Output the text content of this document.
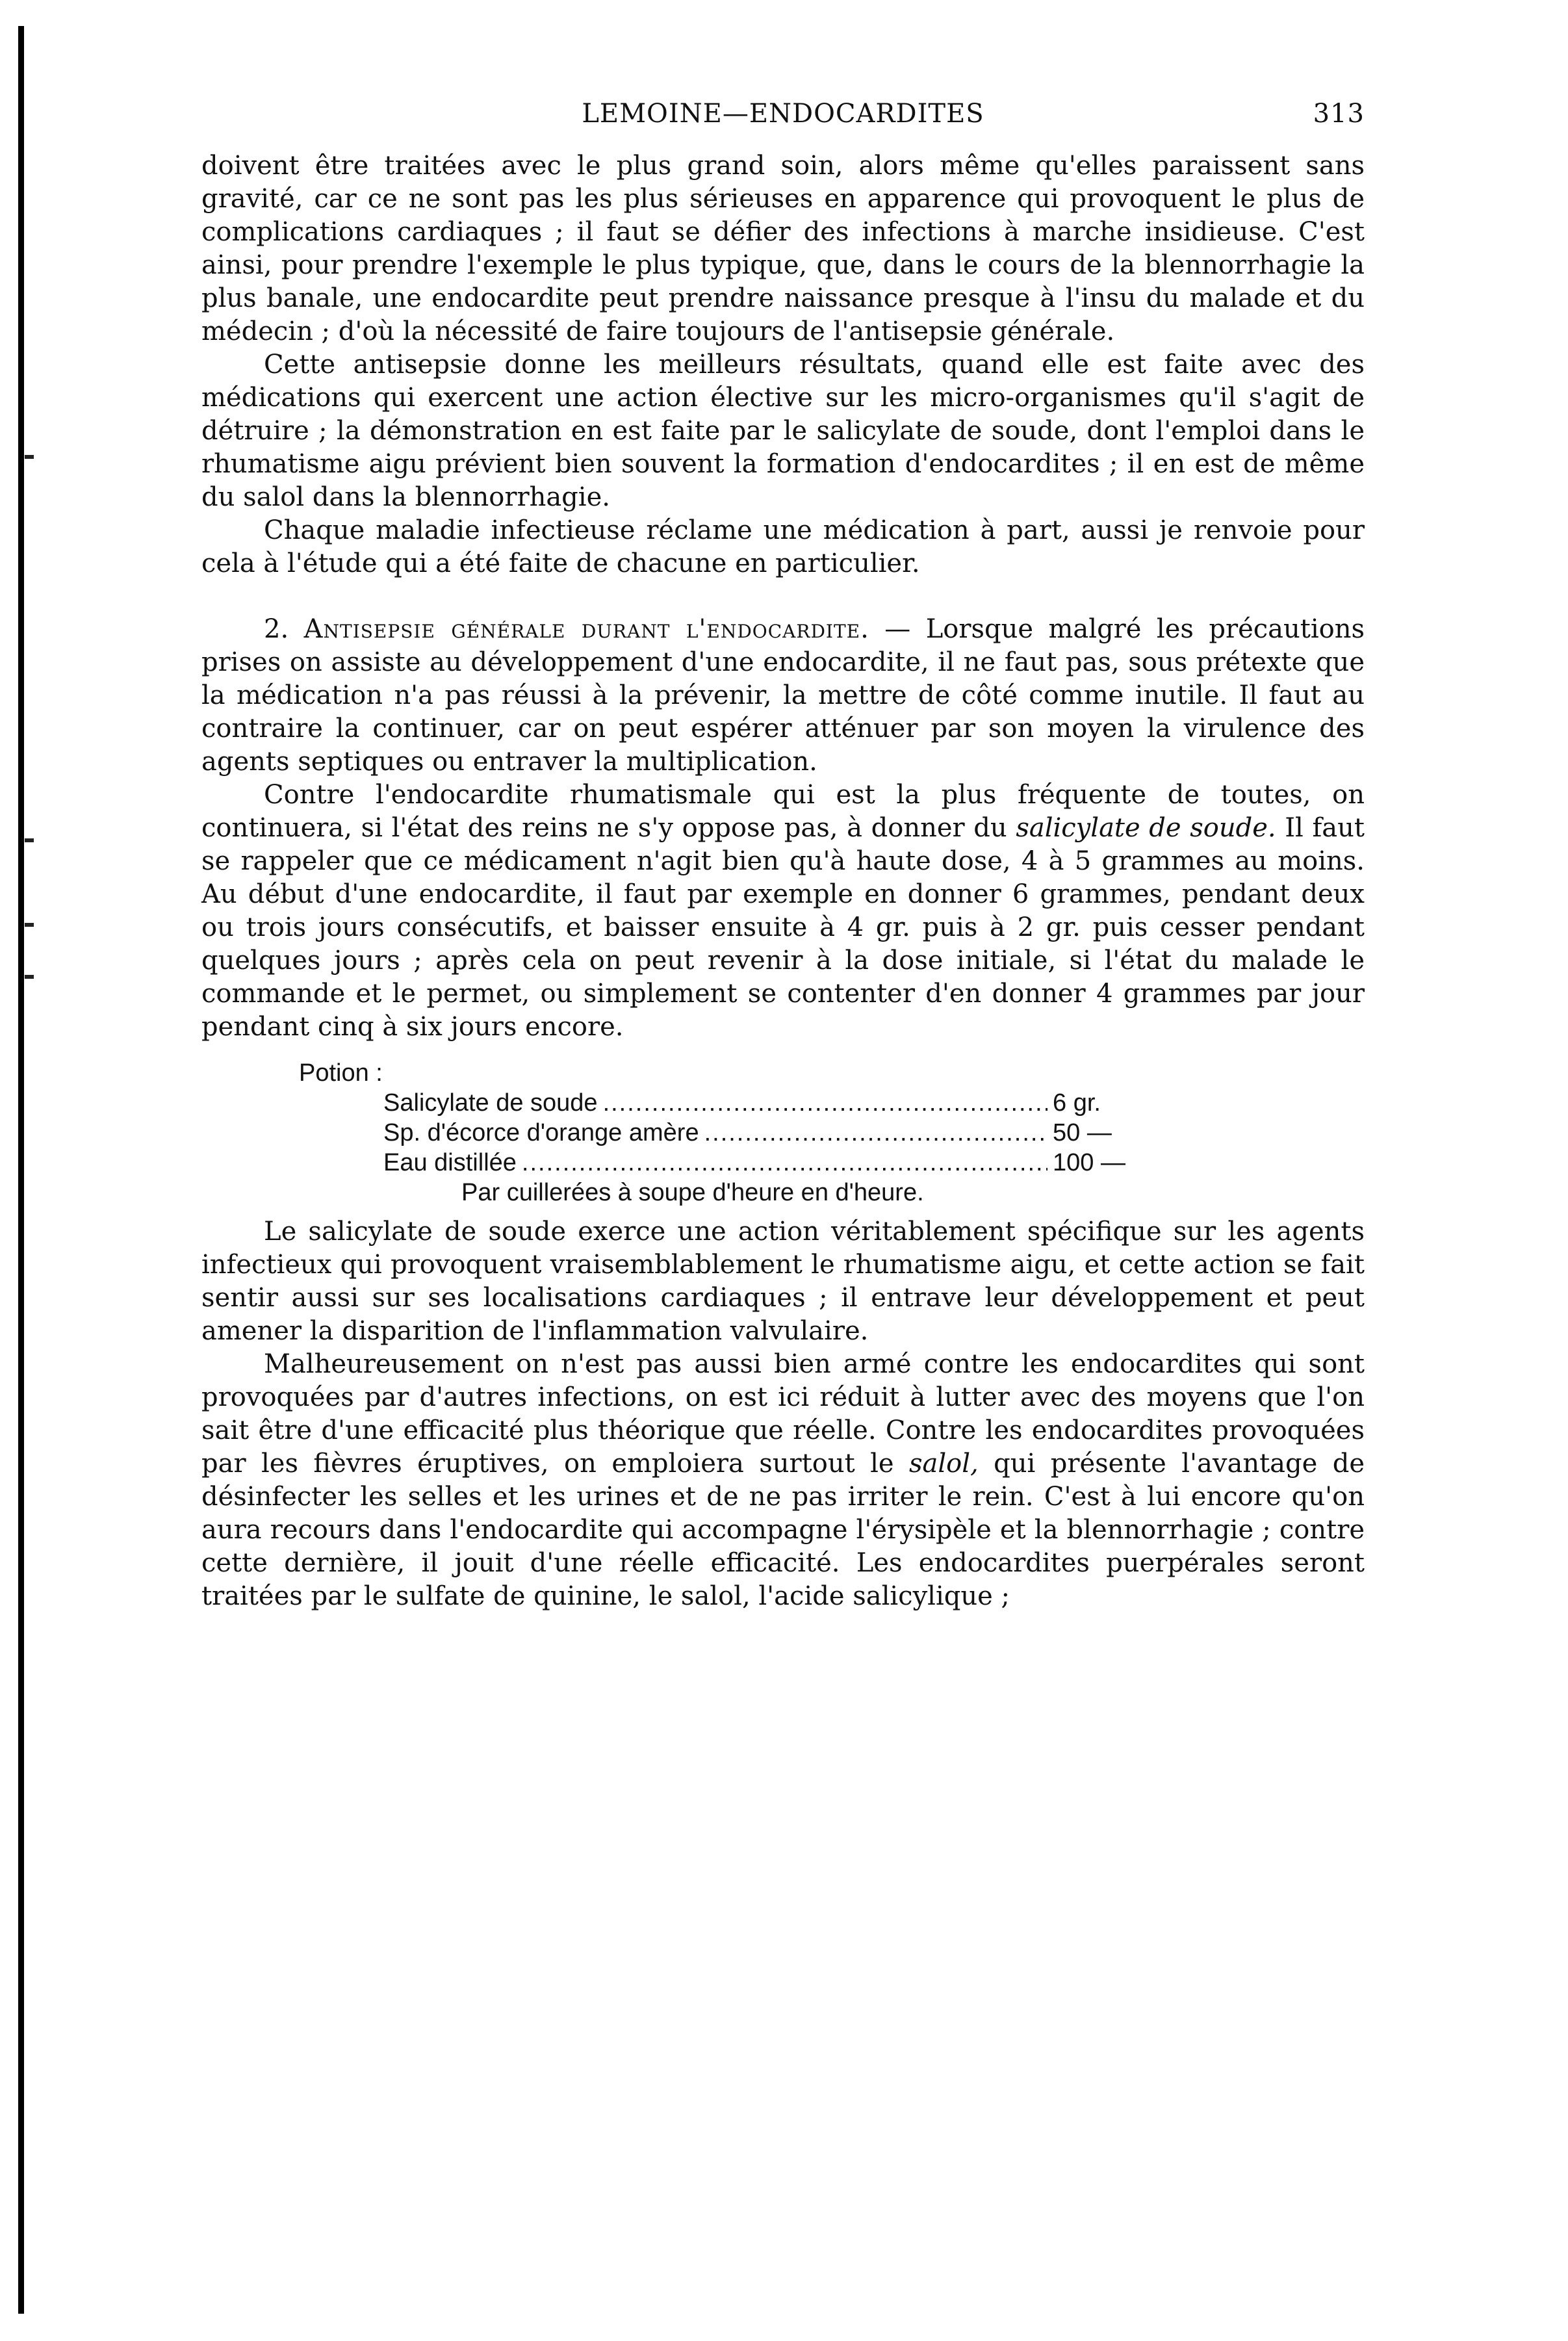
LEMOINE—ENDOCARDITES	313

doivent être traitées avec le plus grand soin, alors même qu'elles paraissent sans gravité, car ce ne sont pas les plus sérieuses en apparence qui provoquent le plus de complications cardiaques ; il faut se défier des infections à marche insidieuse. C'est ainsi, pour prendre l'exemple le plus typique, que, dans le cours de la blennorrhagie la plus banale, une endocardite peut prendre naissance presque à l'insu du malade et du médecin ; d'où la nécessité de faire toujours de l'antisepsie générale.

Cette antisepsie donne les meilleurs résultats, quand elle est faite avec des médications qui exercent une action élective sur les micro-organismes qu'il s'agit de détruire ; la démonstration en est faite par le salicylate de soude, dont l'emploi dans le rhumatisme aigu prévient bien souvent la formation d'endocardites ; il en est de même du salol dans la blennorrhagie.

Chaque maladie infectieuse réclame une médication à part, aussi je renvoie pour cela à l'étude qui a été faite de chacune en particulier.

2. Antisepsie générale durant l'endocardite. — Lorsque malgré les précautions prises on assiste au développement d'une endocardite, il ne faut pas, sous prétexte que la médication n'a pas réussi à la prévenir, la mettre de côté comme inutile. Il faut au contraire la continuer, car on peut espérer atténuer par son moyen la virulence des agents septiques ou entraver la multiplication.

Contre l'endocardite rhumatismale qui est la plus fréquente de toutes, on continuera, si l'état des reins ne s'y oppose pas, à donner du salicylate de soude. Il faut se rappeler que ce médicament n'agit bien qu'à haute dose, 4 à 5 grammes au moins. Au début d'une endocardite, il faut par exemple en donner 6 grammes, pendant deux ou trois jours consécutifs, et baisser ensuite à 4 gr. puis à 2 gr. puis cesser pendant quelques jours ; après cela on peut revenir à la dose initiale, si l'état du malade le commande et le permet, ou simplement se contenter d'en donner 4 grammes par jour pendant cinq à six jours encore.

Potion :
Salicylate de soude .....	6 gr.
Sp. d'écorce d'orange amère .....	50 —
Eau distillée .....	100 —
Par cuillerées à soupe d'heure en d'heure.

Le salicylate de soude exerce une action véritablement spécifique sur les agents infectieux qui provoquent vraisemblablement le rhumatisme aigu, et cette action se fait sentir aussi sur ses localisations cardiaques ; il entrave leur développement et peut amener la disparition de l'inflammation valvulaire.

Malheureusement on n'est pas aussi bien armé contre les endocardites qui sont provoquées par d'autres infections, on est ici réduit à lutter avec des moyens que l'on sait être d'une efficacité plus théorique que réelle. Contre les endocardites provoquées par les fièvres éruptives, on emploiera surtout le salol, qui présente l'avantage de désinfecter les selles et les urines et de ne pas irriter le rein. C'est à lui encore qu'on aura recours dans l'endocardite qui accompagne l'érysipèle et la blennorrhagie ; contre cette dernière, il jouit d'une réelle efficacité. Les endocardites puerpérales seront traitées par le sulfate de quinine, le salol, l'acide salicylique ;
